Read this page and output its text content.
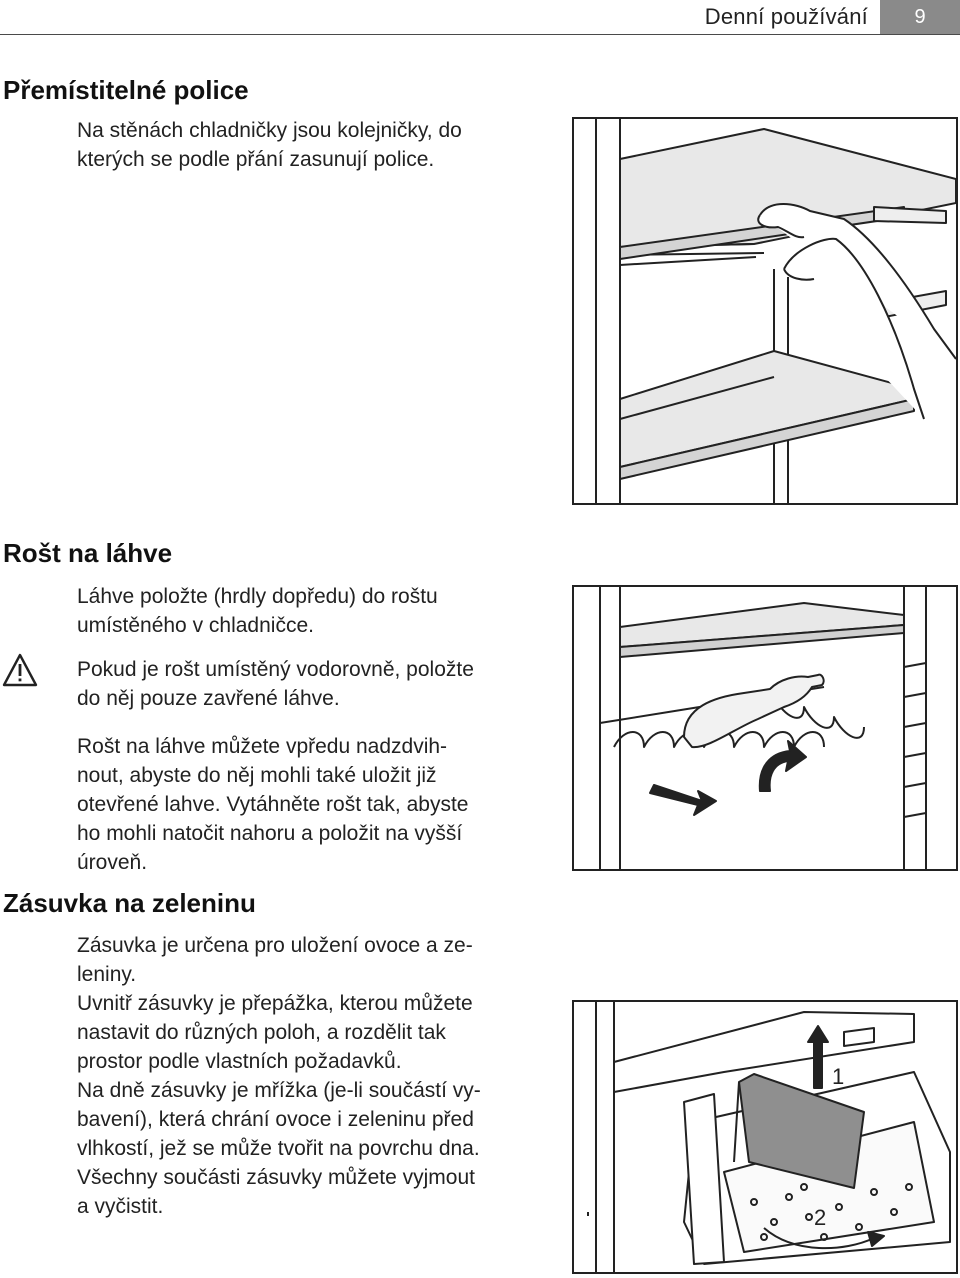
Denní používání	9
Přemístitelné police
Na stěnách chladničky jsou kolejničky, do
kterých se podle přání zasunují police.
Rošt na láhve
Láhve položte (hrdly dopředu) do roštu
umístěného v chladničce.
Pokud je rošt umístěný vodorovně, položte
do něj pouze zavřené láhve.
Rošt na láhve můžete vpředu nadzdvih-
nout, abyste do něj mohli také uložit již
otevřené lahve. Vytáhněte rošt tak, abyste
ho mohli natočit nahoru a položit na vyšší
úroveň.
Zásuvka na zeleninu
Zásuvka je určena pro uložení ovoce a ze-
leniny.
Uvnitř zásuvky je přepážka, kterou můžete
nastavit do různých poloh, a rozdělit tak
prostor podle vlastních požadavků.
Na dně zásuvky je mřížka (je-li součástí vy-
bavení), která chrání ovoce i zeleninu před
vlhkostí, jež se může tvořit na povrchu dna.
Všechny součásti zásuvky můžete vyjmout
a vyčistit.
1
2
